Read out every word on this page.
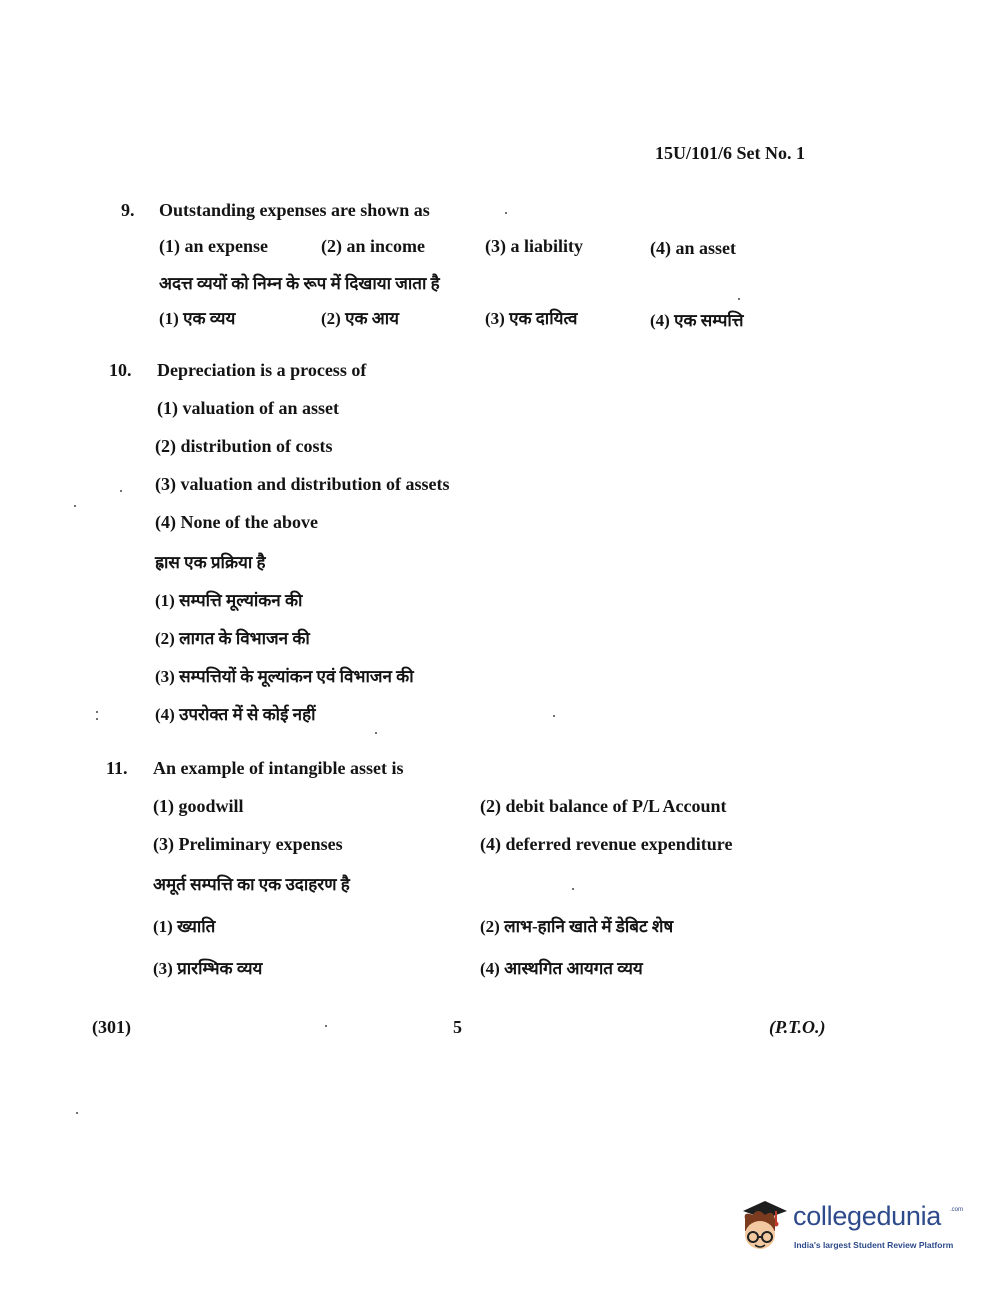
15U/101/6 Set No. 1
9. Outstanding expenses are shown as
(1) an expense	(2) an income	(3) a liability	(4) an asset
अदत्त व्ययों को निम्न के रूप में दिखाया जाता है
(1) एक व्यय	(2) एक आय	(3) एक दायित्व	(4) एक सम्पत्ति
10. Depreciation is a process of
(1) valuation of an asset
(2) distribution of costs
(3) valuation and distribution of assets
(4) None of the above
ह्रास एक प्रक्रिया है
(1) सम्पत्ति मूल्यांकन की
(2) लागत के विभाजन की
(3) सम्पत्तियों के मूल्यांकन एवं विभाजन की
(4) उपरोक्त में से कोई नहीं
11. An example of intangible asset is
(1) goodwill	(2) debit balance of P/L Account
(3) Preliminary expenses	(4) deferred revenue expenditure
अमूर्त सम्पत्ति का एक उदाहरण है
(1) ख्याति	(2) लाभ-हानि खाते में डेबिट शेष
(3) प्रारम्भिक व्यय	(4) आस्थगित आयगत व्यय
(301)	5	(P.T.O.)
collegedunia .com
India's largest Student Review Platform
